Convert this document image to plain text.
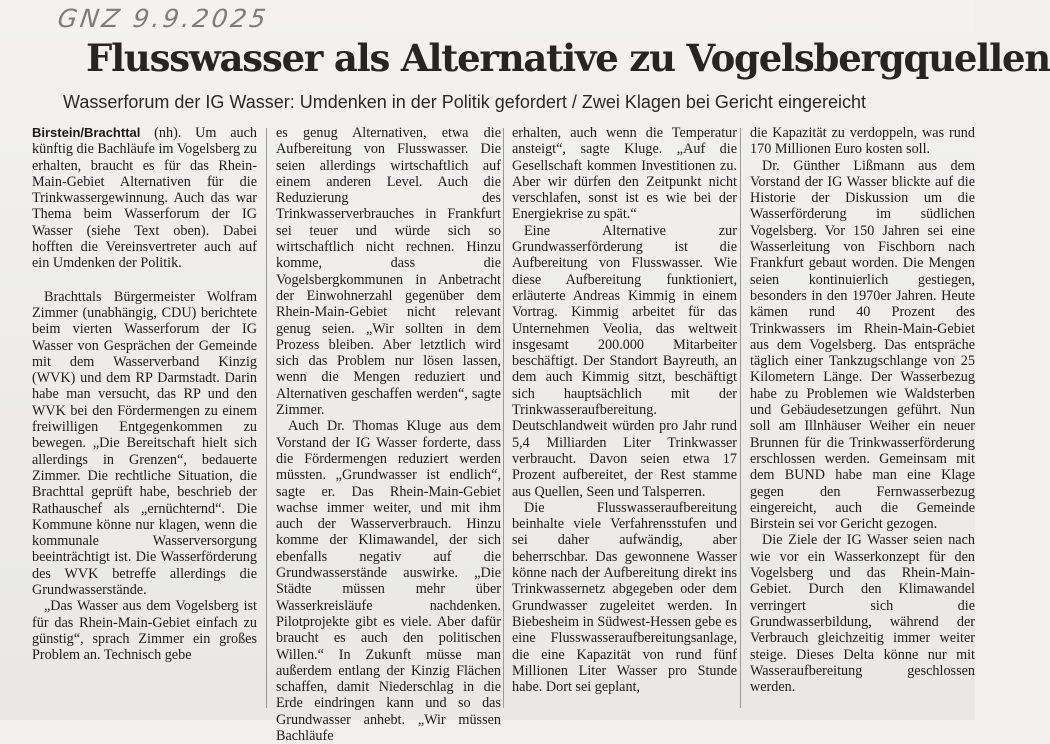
GNZ 9.9.2025
Flusswasser als Alternative zu Vogelsbergquellen
Wasserforum der IG Wasser: Umdenken in der Politik gefordert / Zwei Klagen bei Gericht eingereicht

Birstein/Brachttal (nh). Um auch künftig die Bachläufe im Vogelsberg zu erhalten, braucht es für das Rhein-Main-Gebiet Alternativen für die Trinkwassergewinnung. Auch das war Thema beim Wasserforum der IG Wasser (siehe Text oben). Dabei hofften die Vereinsvertreter auch auf ein Umdenken der Politik.

Brachttals Bürgermeister Wolfram Zimmer (unabhängig, CDU) berichtete beim vierten Wasserforum der IG Wasser von Gesprächen der Gemeinde mit dem Wasserverband Kinzig (WVK) und dem RP Darmstadt. Darin habe man versucht, das RP und den WVK bei den Fördermengen zu einem freiwilligen Entgegenkommen zu bewegen. „Die Bereitschaft hielt sich allerdings in Grenzen“, bedauerte Zimmer. Die rechtliche Situation, die Brachttal geprüft habe, beschrieb der Rathauschef als „ernüchternd“. Die Kommune könne nur klagen, wenn die kommunale Wasserversorgung beeinträchtigt ist. Die Wasserförderung des WVK betreffe allerdings die Grundwasserstände.

„Das Wasser aus dem Vogelsberg ist für das Rhein-Main-Gebiet einfach zu günstig“, sprach Zimmer ein großes Problem an. Technisch gebe

es genug Alternativen, etwa die Aufbereitung von Flusswasser. Die seien allerdings wirtschaftlich auf einem anderen Level. Auch die Reduzierung des Trinkwasserverbrauches in Frankfurt sei teuer und würde sich so wirtschaftlich nicht rechnen. Hinzu komme, dass die Vogelsbergkommunen in Anbetracht der Einwohnerzahl gegenüber dem Rhein-Main-Gebiet nicht relevant genug seien. „Wir sollten in dem Prozess bleiben. Aber letztlich wird sich das Problem nur lösen lassen, wenn die Mengen reduziert und Alternativen geschaffen werden“, sagte Zimmer.

Auch Dr. Thomas Kluge aus dem Vorstand der IG Wasser forderte, dass die Fördermengen reduziert werden müssten. „Grundwasser ist endlich“, sagte er. Das Rhein-Main-Gebiet wachse immer weiter, und mit ihm auch der Wasserverbrauch. Hinzu komme der Klimawandel, der sich ebenfalls negativ auf die Grundwasserstände auswirke. „Die Städte müssen mehr über Wasserkreisläufe nachdenken. Pilotprojekte gibt es viele. Aber dafür braucht es auch den politischen Willen.“ In Zukunft müsse man außerdem entlang der Kinzig Flächen schaffen, damit Niederschlag in die Erde eindringen kann und so das Grundwasser anhebt. „Wir müssen Bachläufe

erhalten, auch wenn die Temperatur ansteigt“, sagte Kluge. „Auf die Gesellschaft kommen Investitionen zu. Aber wir dürfen den Zeitpunkt nicht verschlafen, sonst ist es wie bei der Energiekrise zu spät.“

Eine Alternative zur Grundwasserförderung ist die Aufbereitung von Flusswasser. Wie diese Aufbereitung funktioniert, erläuterte Andreas Kimmig in einem Vortrag. Kimmig arbeitet für das Unternehmen Veolia, das weltweit insgesamt 200.000 Mitarbeiter beschäftigt. Der Standort Bayreuth, an dem auch Kimmig sitzt, beschäftigt sich hauptsächlich mit der Trinkwasseraufbereitung. Deutschlandweit würden pro Jahr rund 5,4 Milliarden Liter Trinkwasser verbraucht. Davon seien etwa 17 Prozent aufbereitet, der Rest stamme aus Quellen, Seen und Talsperren.

Die Flusswasseraufbereitung beinhalte viele Verfahrensstufen und sei daher aufwändig, aber beherrschbar. Das gewonnene Wasser könne nach der Aufbereitung direkt ins Trinkwassernetz abgegeben oder dem Grundwasser zugeleitet werden. In Biebesheim in Südwest-Hessen gebe es eine Flusswasseraufbereitungsanlage, die eine Kapazität von rund fünf Millionen Liter Wasser pro Stunde habe. Dort sei geplant,

die Kapazität zu verdoppeln, was rund 170 Millionen Euro kosten soll.

Dr. Günther Lißmann aus dem Vorstand der IG Wasser blickte auf die Historie der Diskussion um die Wasserförderung im südlichen Vogelsberg. Vor 150 Jahren sei eine Wasserleitung von Fischborn nach Frankfurt gebaut worden. Die Mengen seien kontinuierlich gestiegen, besonders in den 1970er Jahren. Heute kämen rund 40 Prozent des Trinkwassers im Rhein-Main-Gebiet aus dem Vogelsberg. Das entspräche täglich einer Tankzugschlange von 25 Kilometern Länge. Der Wasserbezug habe zu Problemen wie Waldsterben und Gebäudesetzungen geführt. Nun soll am Illnhäuser Weiher ein neuer Brunnen für die Trinkwasserförderung erschlossen werden. Gemeinsam mit dem BUND habe man eine Klage gegen den Fernwasserbezug eingereicht, auch die Gemeinde Birstein sei vor Gericht gezogen.

Die Ziele der IG Wasser seien nach wie vor ein Wasserkonzept für den Vogelsberg und das Rhein-Main-Gebiet. Durch den Klimawandel verringert sich die Grundwasserbildung, während der Verbrauch gleichzeitig immer weiter steige. Dieses Delta könne nur mit Wasseraufbereitung geschlossen werden.
